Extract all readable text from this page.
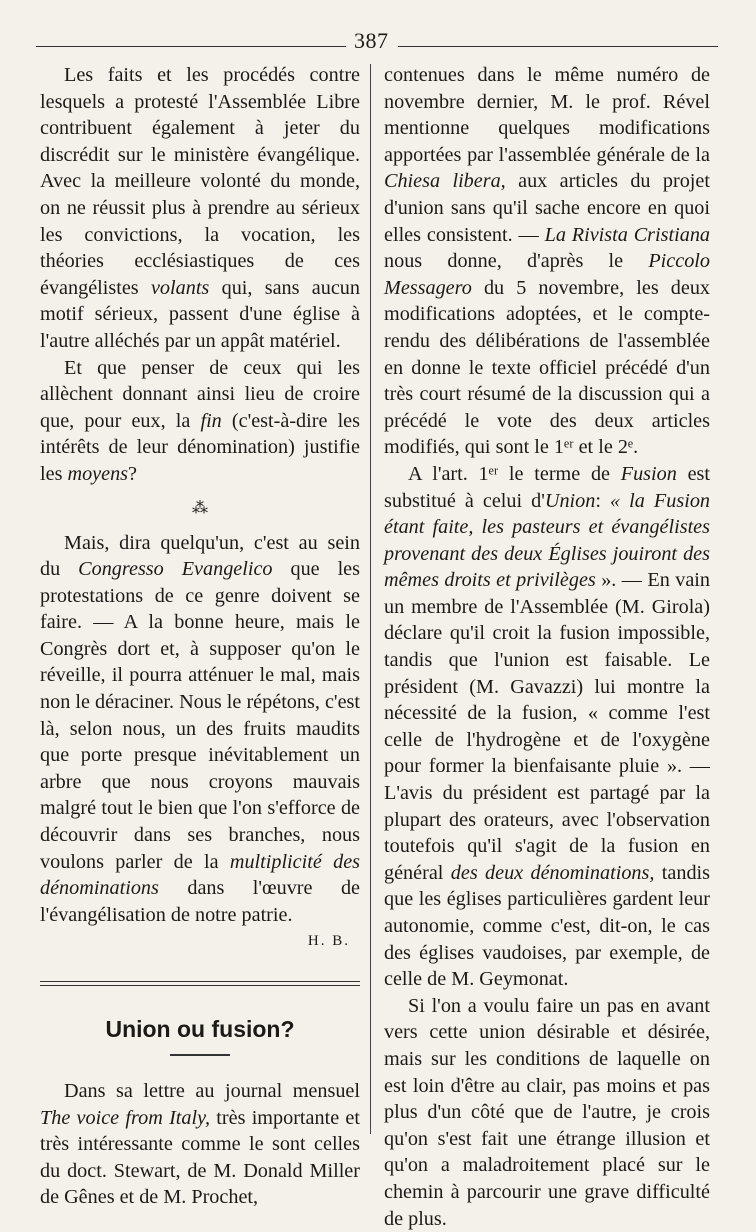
387

Les faits et les procédés contre lesquels a protesté l'Assemblée Libre contribuent également à jeter du discrédit sur le ministère évangélique. Avec la meilleure volonté du monde, on ne réussit plus à prendre au sérieux les convictions, la vocation, les théories ecclésiastiques de ces évangélistes volants qui, sans aucun motif sérieux, passent d'une église à l'autre alléchés par un appât matériel.

Et que penser de ceux qui les allèchent donnant ainsi lieu de croire que, pour eux, la fin (c'est-à-dire les intérêts de leur dénomination) justifie les moyens?

⁂

Mais, dira quelqu'un, c'est au sein du Congresso Evangelico que les protestations de ce genre doivent se faire. — A la bonne heure, mais le Congrès dort et, à supposer qu'on le réveille, il pourra atténuer le mal, mais non le déraciner. Nous le répétons, c'est là, selon nous, un des fruits maudits que porte presque inévitablement un arbre que nous croyons mauvais malgré tout le bien que l'on s'efforce de découvrir dans ses branches, nous voulons parler de la multiplicité des dénominations dans l'œuvre de l'évangélisation de notre patrie.

H. B.
Union ou fusion?

Dans sa lettre au journal mensuel The voice from Italy, très importante et très intéressante comme le sont celles du doct. Stewart, de M. Donald Miller de Gênes et de M. Prochet,

contenues dans le même numéro de novembre dernier, M. le prof. Rével mentionne quelques modifications apportées par l'assemblée générale de la Chiesa libera, aux articles du projet d'union sans qu'il sache encore en quoi elles consistent. — La Rivista Cristiana nous donne, d'après le Piccolo Messagero du 5 novembre, les deux modifications adoptées, et le compte-rendu des délibérations de l'assemblée en donne le texte officiel précédé d'un très court résumé de la discussion qui a précédé le vote des deux articles modifiés, qui sont le 1ᵉʳ et le 2ᵉ.

A l'art. 1ᵉʳ le terme de Fusion est substitué à celui d'Union: « la Fusion étant faite, les pasteurs et évangélistes provenant des deux Églises jouiront des mêmes droits et privilèges ». — En vain un membre de l'Assemblée (M. Girola) déclare qu'il croit la fusion impossible, tandis que l'union est faisable. Le président (M. Gavazzi) lui montre la nécessité de la fusion, « comme l'est celle de l'hydrogène et de l'oxygène pour former la bienfaisante pluie ». — L'avis du président est partagé par la plupart des orateurs, avec l'observation toutefois qu'il s'agit de la fusion en général des deux dénominations, tandis que les églises particulières gardent leur autonomie, comme c'est, dit-on, le cas des églises vaudoises, par exemple, de celle de M. Geymonat.

Si l'on a voulu faire un pas en avant vers cette union désirable et désirée, mais sur les conditions de laquelle on est loin d'être au clair, pas moins et pas plus d'un côté que de l'autre, je crois qu'on s'est fait une étrange illusion et qu'on a maladroitement placé sur le chemin à parcourir une grave difficulté de plus.
